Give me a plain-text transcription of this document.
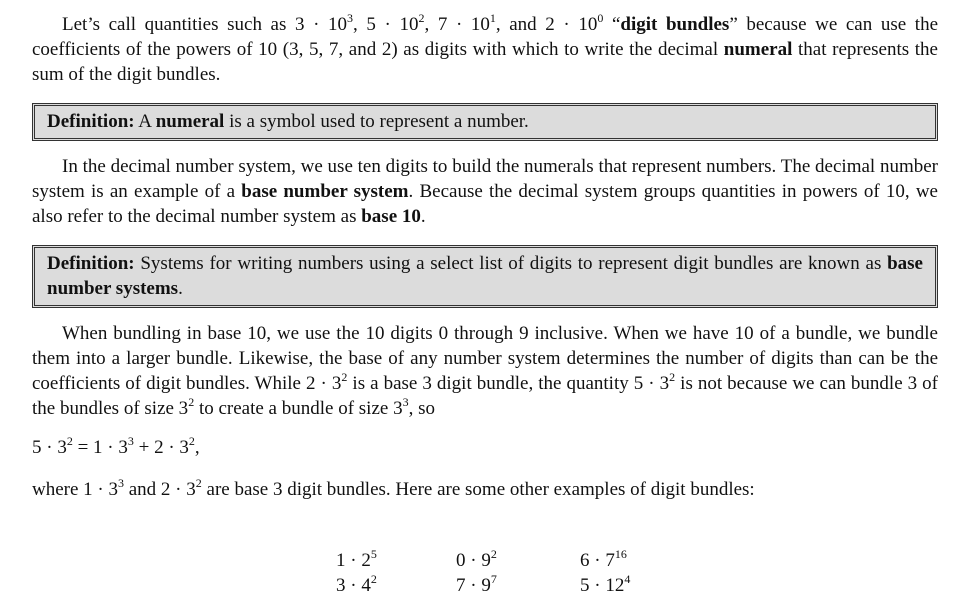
Let’s call quantities such as $3 \cdot 10^3$, $5 \cdot 10^2$, $7 \cdot 10^1$, and $2 \cdot 10^0$ “digit bundles” because we can use the coefficients of the powers of 10 (3, 5, 7, and 2) as digits with which to write the decimal numeral that represents the sum of the digit bundles.

Definition: A numeral is a symbol used to represent a number.

In the decimal number system, we use ten digits to build the numerals that represent numbers. The decimal number system is an example of a base number system. Because the decimal system groups quantities in powers of 10, we also refer to the decimal number system as base 10.

Definition: Systems for writing numbers using a select list of digits to represent digit bundles are known as base number systems.

When bundling in base 10, we use the 10 digits 0 through 9 inclusive. When we have 10 of a bundle, we bundle them into a larger bundle. Likewise, the base of any number system determines the number of digits than can be the coefficients of digit bundles. While $2 \cdot 3^2$ is a base 3 digit bundle, the quantity $5 \cdot 3^2$ is not because we can bundle 3 of the bundles of size $3^2$ to create a bundle of size $3^3$, so

$5 \cdot 3^2 = 1 \cdot 3^3 + 2 \cdot 3^2$,

where $1 \cdot 3^3$ and $2 \cdot 3^2$ are base 3 digit bundles. Here are some other examples of digit bundles:

$1 \cdot 2^5$	$0 \cdot 9^2$	$6 \cdot 7^{16}$
$3 \cdot 4^2$	$7 \cdot 9^7$	$5 \cdot 12^4$
